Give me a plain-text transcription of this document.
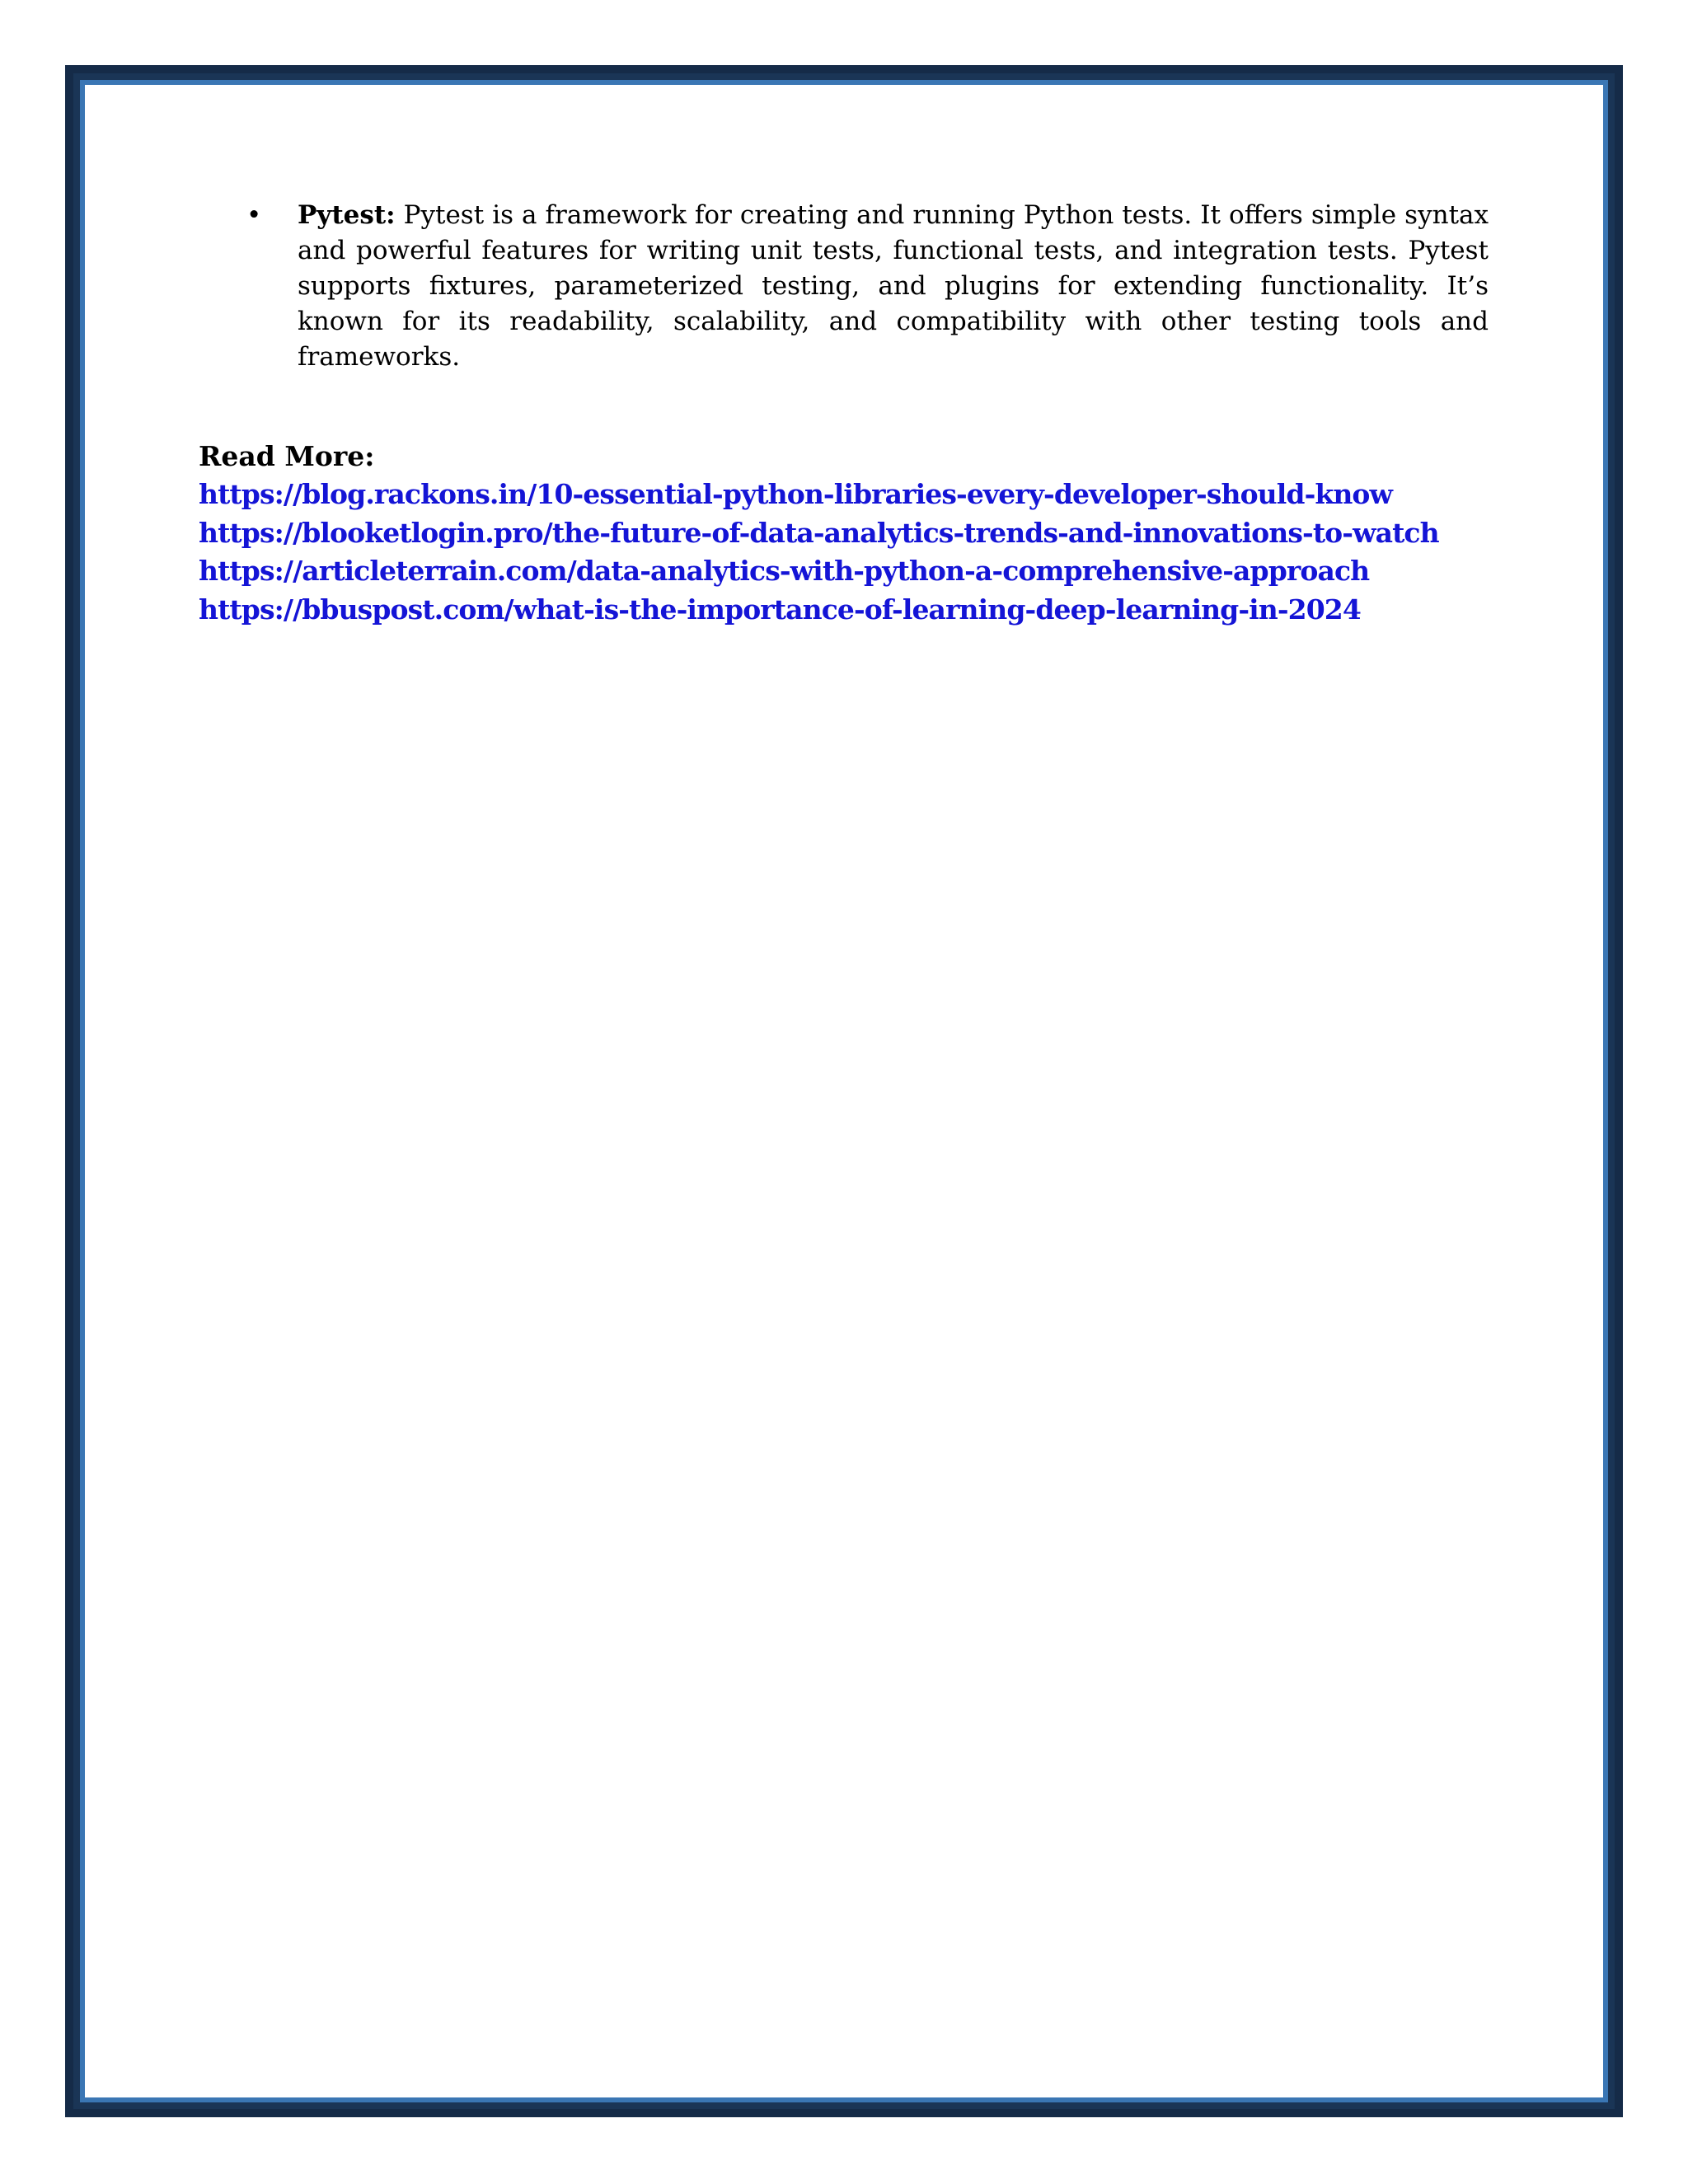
• Pytest: Pytest is a framework for creating and running Python tests. It offers simple syntax and powerful features for writing unit tests, functional tests, and integration tests. Pytest supports fixtures, parameterized testing, and plugins for extending functionality. It’s known for its readability, scalability, and compatibility with other testing tools and frameworks.
Read More:
https://blog.rackons.in/10-essential-python-libraries-every-developer-should-know
https://blooketlogin.pro/the-future-of-data-analytics-trends-and-innovations-to-watch
https://articleterrain.com/data-analytics-with-python-a-comprehensive-approach
https://bbuspost.com/what-is-the-importance-of-learning-deep-learning-in-2024
